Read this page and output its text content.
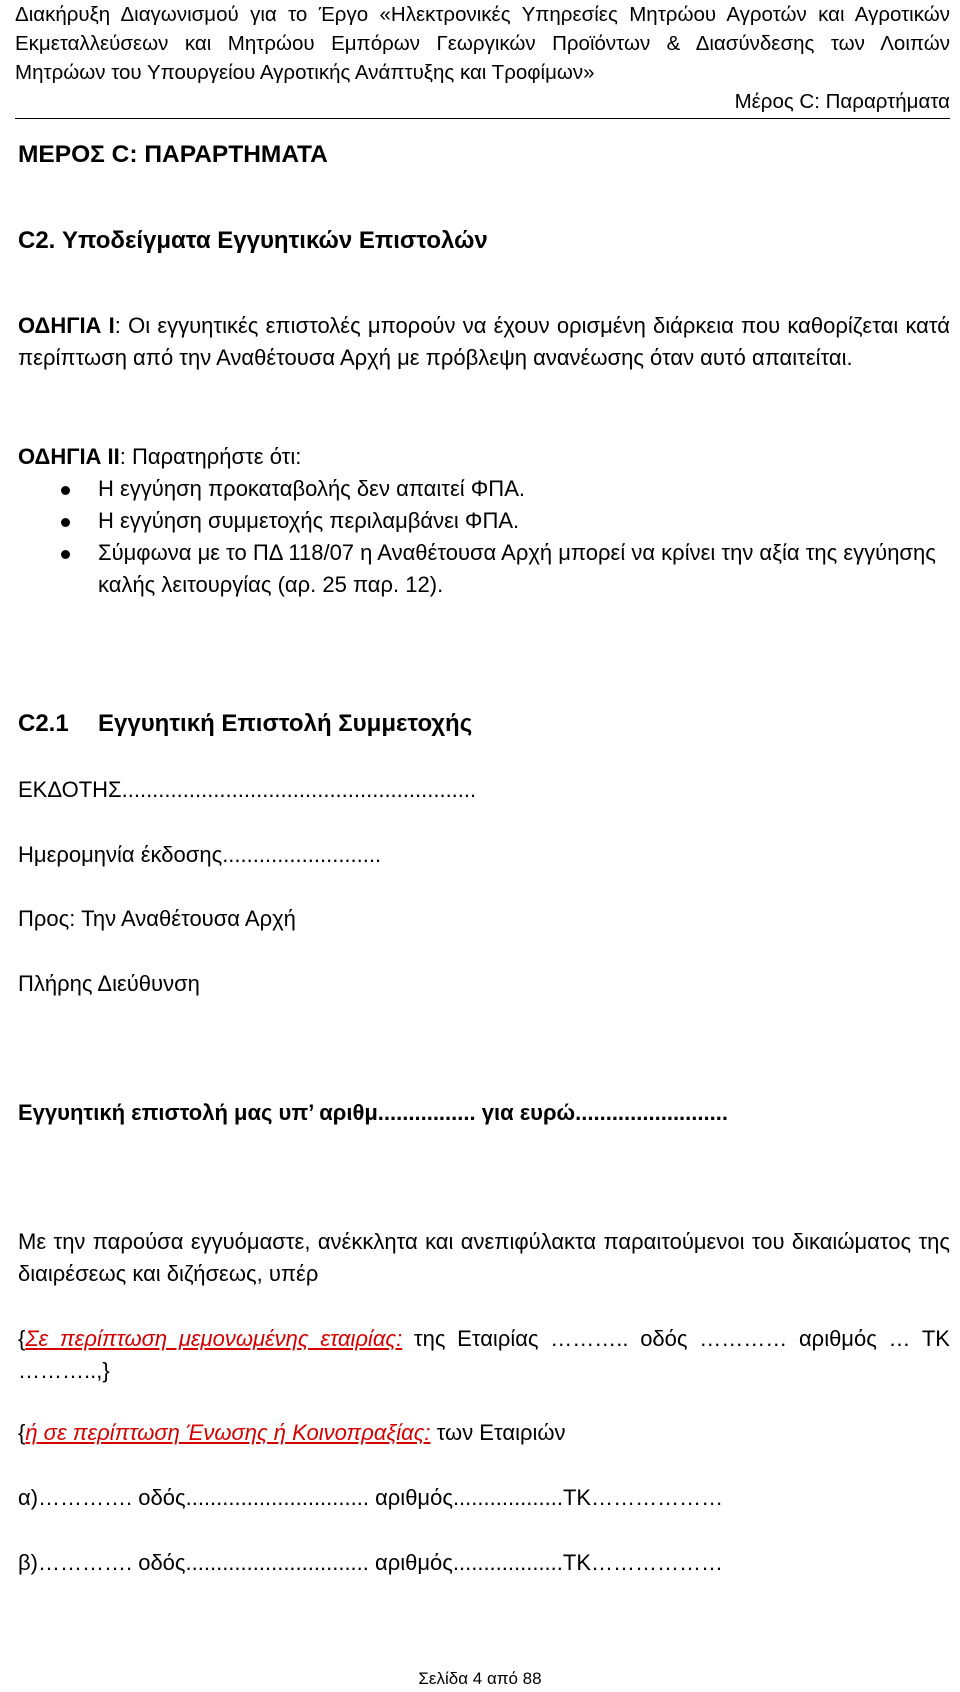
Διακήρυξη Διαγωνισμού για το Έργο «Ηλεκτρονικές Υπηρεσίες Μητρώου Αγροτών και Αγροτικών
Εκμεταλλεύσεων και Μητρώου Εμπόρων Γεωργικών Προϊόντων & Διασύνδεσης των Λοιπών
Μητρώων του Υπουργείου Αγροτικής Ανάπτυξης και Τροφίμων»
Μέρος C: Παραρτήματα
ΜΕΡΟΣ C: ΠΑΡΑΡΤΗΜΑΤΑ
C2. Υποδείγματα Εγγυητικών Επιστολών
ΟΔΗΓΙΑ Ι: Οι εγγυητικές επιστολές μπορούν να έχουν ορισμένη διάρκεια που καθορίζεται κατά περίπτωση από την Αναθέτουσα Αρχή με πρόβλεψη ανανέωσης όταν αυτό απαιτείται.
ΟΔΗΓΙΑ ΙΙ: Παρατηρήστε ότι:
Η εγγύηση προκαταβολής δεν απαιτεί ΦΠΑ.
Η εγγύηση συμμετοχής περιλαμβάνει ΦΠΑ.
Σύμφωνα με το ΠΔ 118/07 η Αναθέτουσα Αρχή μπορεί να κρίνει την αξία της εγγύησης καλής λειτουργίας (αρ. 25 παρ. 12).
C2.1 Εγγυητική Επιστολή Συμμετοχής
ΕΚΔΟΤΗΣ..........................................................
Ημερομηνία έκδοσης..........................
Προς: Την Αναθέτουσα Αρχή
Πλήρης Διεύθυνση
Εγγυητική επιστολή μας υπ’ αριθμ................ για ευρώ.........................
Με την παρούσα εγγυόμαστε, ανέκκλητα και ανεπιφύλακτα παραιτούμενοι του δικαιώματος της διαιρέσεως και διζήσεως, υπέρ
{Σε περίπτωση μεμονωμένης εταιρίας: της Εταιρίας ……….. οδός ………… αριθμός … ΤΚ ………..,}
{ή σε περίπτωση Ένωσης ή Κοινοπραξίας: των Εταιριών
α)…………. οδός.............................. αριθμός..................ΤΚ………………
β)…………. οδός.............................. αριθμός..................ΤΚ………………
Σελίδα 4 από 88
